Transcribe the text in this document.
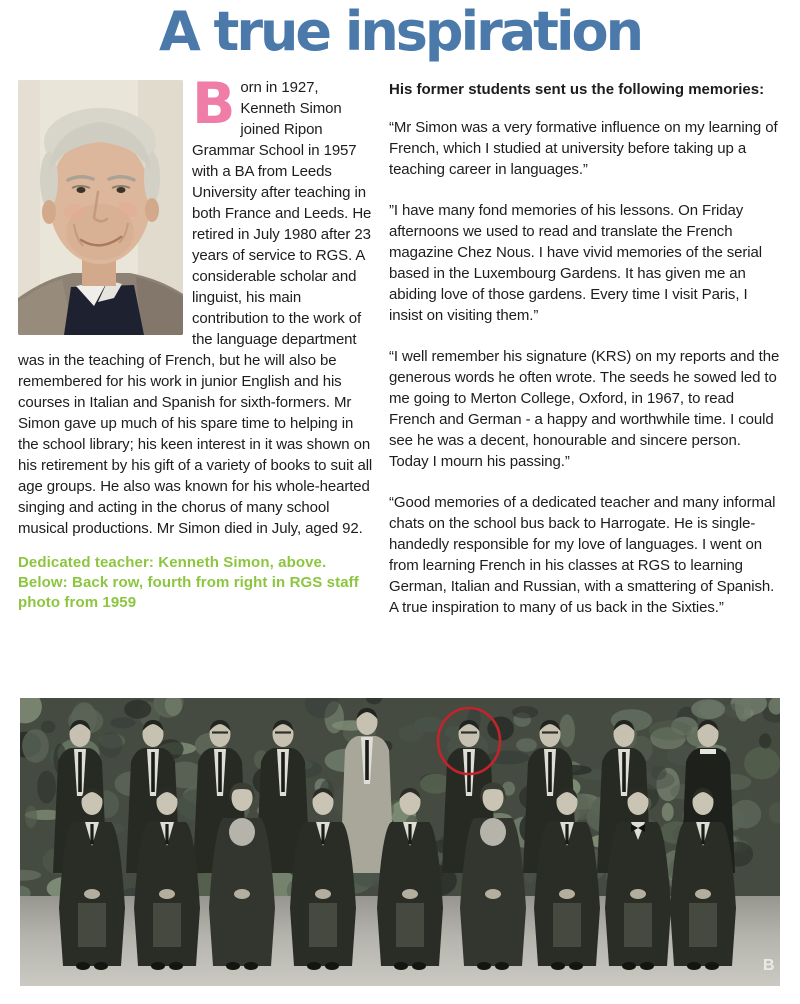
A true inspiration

Born in 1927, Kenneth Simon joined Ripon Grammar School in 1957 with a BA from Leeds University after teaching in both France and Leeds. He retired in July 1980 after 23 years of service to RGS. A considerable scholar and linguist, his main contribution to the work of the language department was in the teaching of French, but he will also be remembered for his work in junior English and his courses in Italian and Spanish for sixth-formers. Mr Simon gave up much of his spare time to helping in the school library; his keen interest in it was shown on his retirement by his gift of a variety of books to suit all age groups. He also was known for his whole-hearted singing and acting in the chorus of many school musical productions. Mr Simon died in July, aged 92.

Dedicated teacher: Kenneth Simon, above. Below: Back row, fourth from right in RGS staff photo from 1959

His former students sent us the following memories:

“Mr Simon was a very formative influence on my learning of French, which I studied at university before taking up a teaching career in languages.”

”I have many fond memories of his lessons. On Friday afternoons we used to read and translate the French magazine Chez Nous. I have vivid memories of the serial based in the Luxembourg Gardens. It has given me an abiding love of those gardens. Every time I visit Paris, I insist on visiting them.”

“I well remember his signature (KRS) on my reports and the generous words he often wrote. The seeds he sowed led to me going to Merton College, Oxford, in 1967, to read French and German - a happy and worthwhile time. I could see he was a decent, honourable and sincere person. Today I mourn his passing.”

“Good memories of a dedicated teacher and many informal chats on the school bus back to Harrogate. He is single-handedly responsible for my love of languages. I went on from learning French in his classes at RGS to learning German, Italian and Russian, with a smattering of Spanish. A true inspiration to many of us back in the Sixties.”

B
